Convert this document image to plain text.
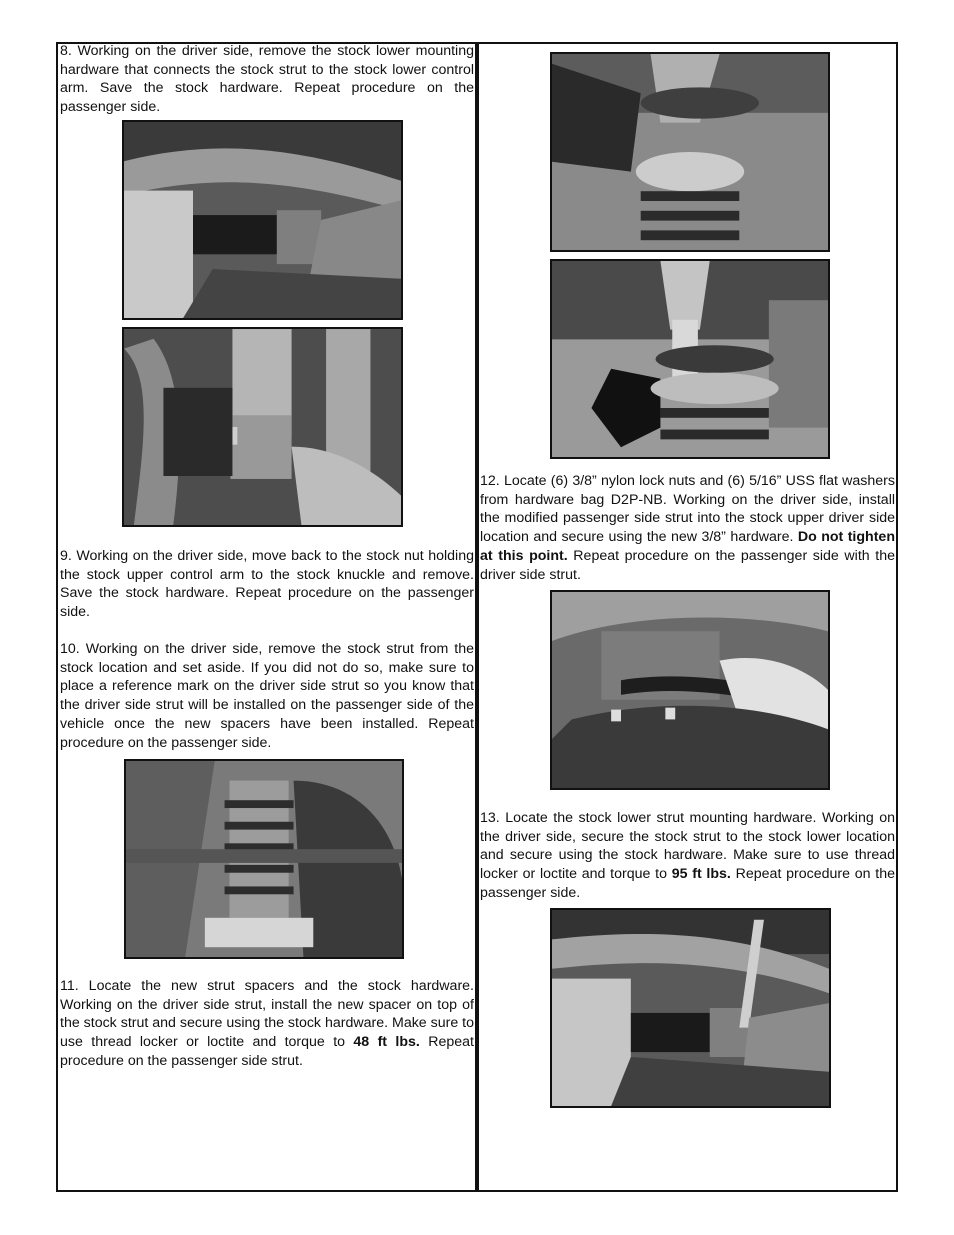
8. Working on the driver side, remove the stock lower mounting hardware that connects the stock strut to the stock lower control arm. Save the stock hardware. Repeat procedure on the passenger side.

9. Working on the driver side, move back to the stock nut holding the stock upper control arm to the stock knuckle and remove. Save the stock hardware. Repeat procedure on the passenger side.

10. Working on the driver side, remove the stock strut from the stock location and set aside. If you did not do so, make sure to place a reference mark on the driver side strut so you know that the driver side strut will be installed on the passenger side of the vehicle once the new spacers have been installed. Repeat procedure on the passenger side.

11. Locate the new strut spacers and the stock hardware. Working on the driver side strut, install the new spacer on top of the stock strut and secure using the stock hardware. Make sure to use thread locker or loctite and torque to 48 ft lbs. Repeat procedure on the passenger side strut.

12. Locate (6) 3/8” nylon lock nuts and (6) 5/16” USS flat washers from hardware bag D2P-NB. Working on the driver side, install the modified passenger side strut into the stock upper driver side location and secure using the new 3/8” hardware. Do not tighten at this point. Repeat procedure on the passenger side with the driver side strut.

13. Locate the stock lower strut mounting hardware. Working on the driver side, secure the stock strut to the stock lower location and secure using the stock hardware. Make sure to use thread locker or loctite and torque to 95 ft lbs. Repeat procedure on the passenger side.
